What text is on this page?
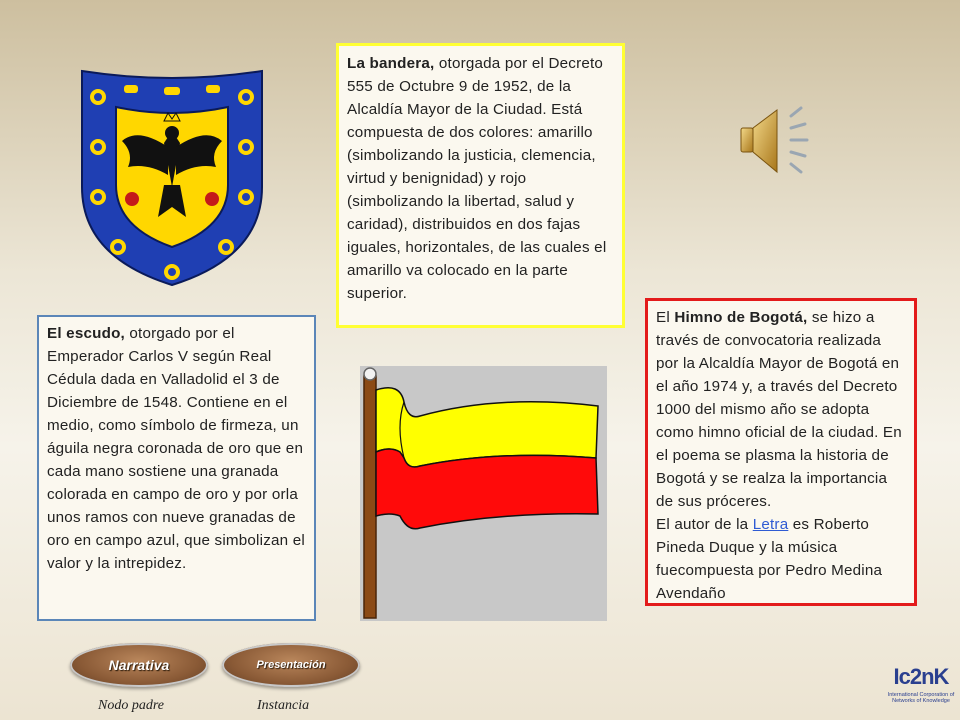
La bandera, otorgada por el Decreto 555 de Octubre 9 de 1952, de la Alcaldía Mayor de la Ciudad. Está compuesta de dos colores: amarillo (simbolizando la justicia, clemencia, virtud y benignidad) y rojo (simbolizando la libertad, salud y caridad), distribuidos en dos fajas iguales, horizontales, de las cuales el amarillo va colocado en la parte superior.
El escudo, otorgado por el Emperador Carlos V según Real Cédula dada en Valladolid el 3 de Diciembre de 1548. Contiene en el medio, como símbolo de firmeza, un águila negra coronada de oro que en cada mano sostiene una granada colorada en campo de oro y por orla unos ramos con nueve granadas de oro en campo azul, que simbolizan el valor y la intrepidez.
El Himno de Bogotá, se hizo a través de convocatoria realizada por la Alcaldía Mayor de Bogotá en el año 1974 y, a través del Decreto 1000 del mismo año se adopta como himno oficial de la ciudad. En el poema se plasma la historia de Bogotá y se realza la importancia de sus próceres.
El autor de la Letra es Roberto Pineda Duque y la música fuecompuesta por Pedro Medina Avendaño
Narrativa	Presentación
Nodo padre	Instancia
Ic2nK
International Corporation of Networks of Knowledge
